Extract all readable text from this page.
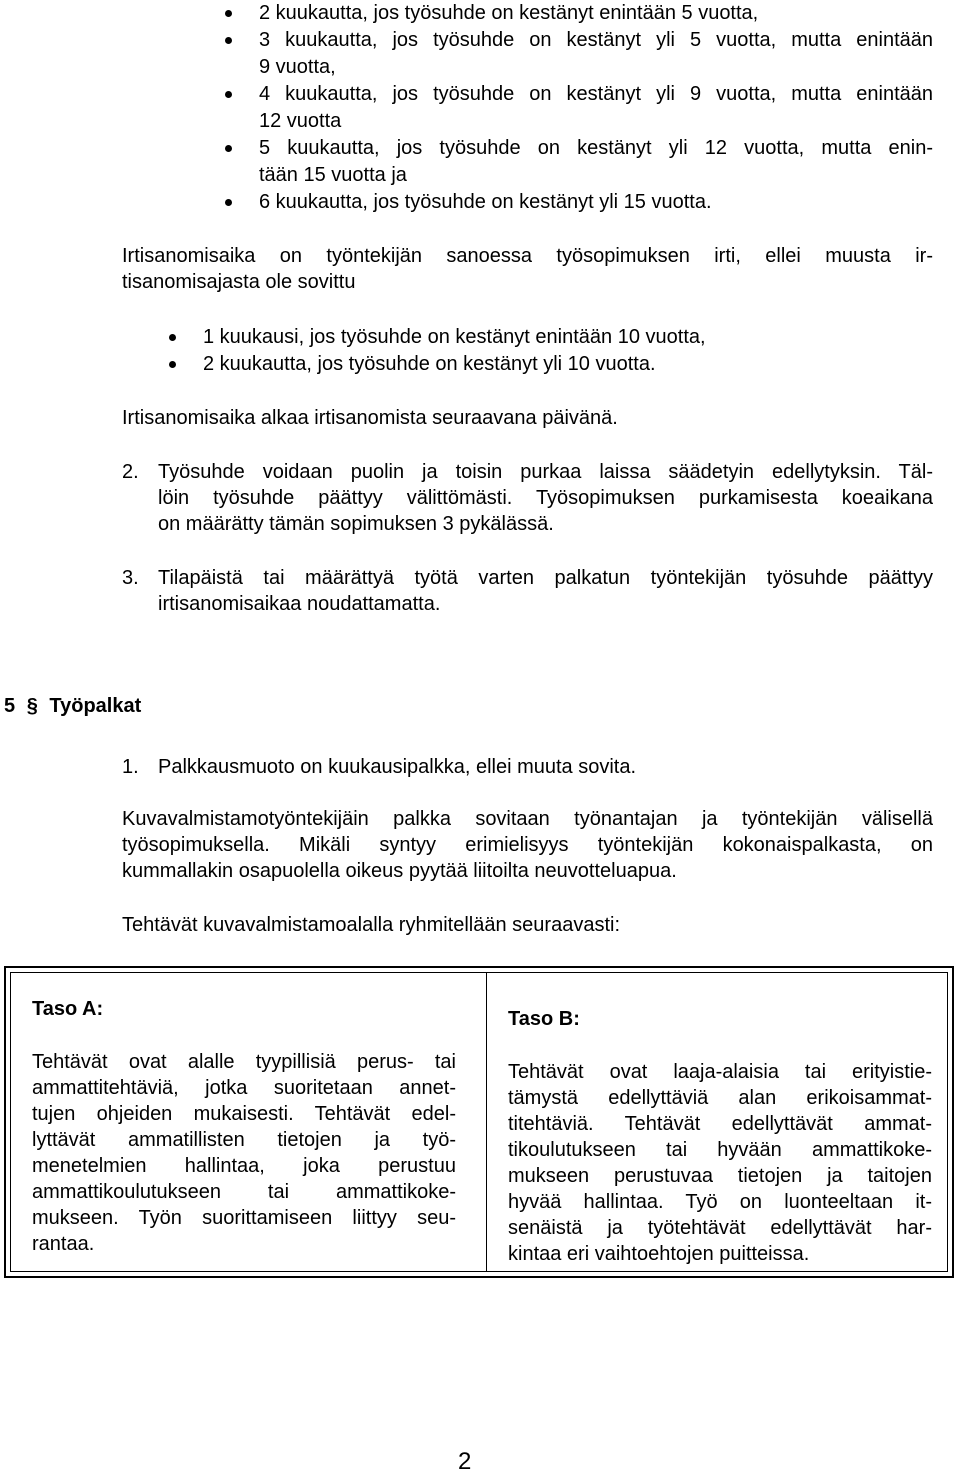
2 kuukautta, jos työsuhde on kestänyt enintään 5 vuotta,
3 kuukautta, jos työsuhde on kestänyt yli 5 vuotta, mutta enintään
9 vuotta,
4 kuukautta, jos työsuhde on kestänyt yli 9 vuotta, mutta enintään
12 vuotta
5 kuukautta, jos työsuhde on kestänyt yli 12 vuotta, mutta enin-
tään 15 vuotta ja
6 kuukautta, jos työsuhde on kestänyt yli 15 vuotta.
Irtisanomisaika on työntekijän sanoessa työsopimuksen irti, ellei muusta ir-
tisanomisajasta ole sovittu
1 kuukausi, jos työsuhde on kestänyt enintään 10 vuotta,
2 kuukautta, jos työsuhde on kestänyt yli 10 vuotta.
Irtisanomisaika alkaa irtisanomista seuraavana päivänä.
2. Työsuhde voidaan puolin ja toisin purkaa laissa säädetyin edellytyksin. Täl-
löin työsuhde päättyy välittömästi. Työsopimuksen purkamisesta koeaikana
on määrätty tämän sopimuksen 3 pykälässä.
3. Tilapäistä tai määrättyä työtä varten palkatun työntekijän työsuhde päättyy
irtisanomisaikaa noudattamatta.
5 § Työpalkat
1. Palkkausmuoto on kuukausipalkka, ellei muuta sovita.
Kuvavalmistamotyöntekijäin palkka sovitaan työnantajan ja työntekijän välisellä
työsopimuksella. Mikäli syntyy erimielisyys työntekijän kokonaispalkasta, on
kummallakin osapuolella oikeus pyytää liitoilta neuvotteluapua.
Tehtävät kuvavalmistamoalalla ryhmitellään seuraavasti:
Taso A:
Tehtävät ovat alalle tyypillisiä perus- tai
ammattitehtäviä, jotka suoritetaan annet-
tujen ohjeiden mukaisesti. Tehtävät edel-
lyttävät ammatillisten tietojen ja työ-
menetelmien hallintaa, joka perustuu
ammattikoulutukseen tai ammattikoke-
mukseen. Työn suorittamiseen liittyy seu-
rantaa.
Taso B:
Tehtävät ovat laaja-alaisia tai erityistie-
tämystä edellyttäviä alan erikoisammat-
titehtäviä. Tehtävät edellyttävät ammat-
tikoulutukseen tai hyvään ammattikoke-
mukseen perustuvaa tietojen ja taitojen
hyvää hallintaa. Työ on luonteeltaan it-
senäistä ja työtehtävät edellyttävät har-
kintaa eri vaihtoehtojen puitteissa.
2
